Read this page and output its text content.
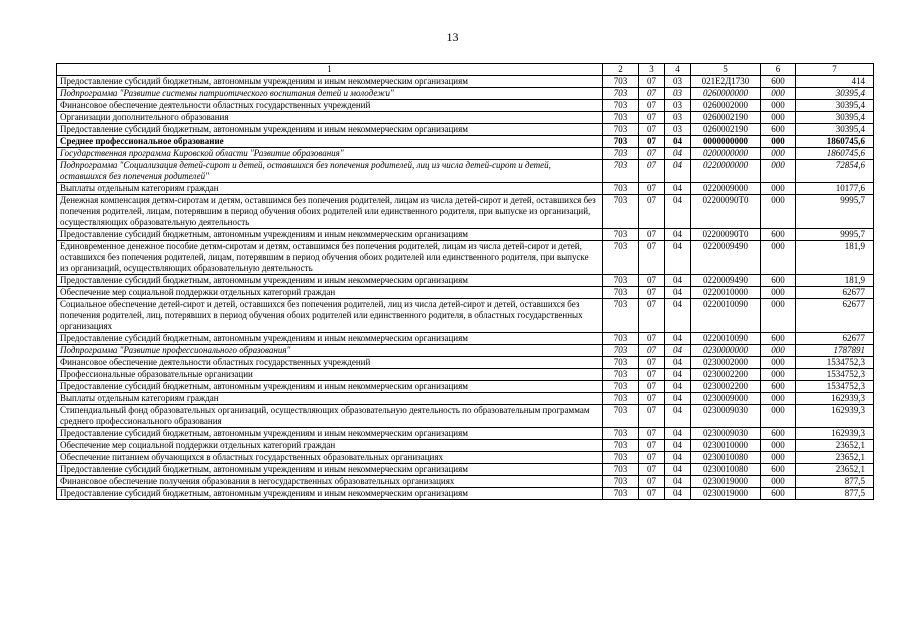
13
1	2	3	4	5	6	7
Предоставление субсидий бюджетным, автономным учреждениям и иным некоммерческим организациям	703	07	03	021Е2Д1730	600	414
Подпрограмма "Развитие системы патриотического воспитания детей и молодежи"	703	07	03	0260000000	000	30395,4
Финансовое обеспечение деятельности областных государственных учреждений	703	07	03	0260002000	000	30395,4
Организации дополнительного образования	703	07	03	0260002190	000	30395,4
Предоставление субсидий бюджетным, автономным учреждениям и иным некоммерческим организациям	703	07	03	0260002190	600	30395,4
Среднее профессиональное образование	703	07	04	0000000000	000	1860745,6
Государственная программа Кировской области "Развитие образования"	703	07	04	0200000000	000	1860745,6
Подпрограмма "Социализация детей-сирот и детей, оставшихся без попечения родителей, лиц из числа детей-сирот и детей, оставшихся без попечения родителей"	703	07	04	0220000000	000	72854,6
Выплаты отдельным категориям граждан	703	07	04	0220009000	000	10177,6
Денежная компенсация детям-сиротам и детям, оставшимся без попечения родителей, лицам из числа детей-сирот и детей, оставшихся без попечения родителей, лицам, потерявшим в период обучения обоих родителей или единственного родителя, при выпуске из организаций, осуществляющих образовательную деятельность	703	07	04	02200090Т0	000	9995,7
Предоставление субсидий бюджетным, автономным учреждениям и иным некоммерческим организациям	703	07	04	02200090Т0	600	9995,7
Единовременное денежное пособие детям-сиротам и детям, оставшимся без попечения родителей, лицам из числа детей-сирот и детей, оставшихся без попечения родителей, лицам, потерявшим в период обучения обоих родителей или единственного родителя, при выпуске из организаций, осуществляющих образовательную деятельность	703	07	04	0220009490	000	181,9
Предоставление субсидий бюджетным, автономным учреждениям и иным некоммерческим организациям	703	07	04	0220009490	600	181,9
Обеспечение мер социальной поддержки отдельных категорий граждан	703	07	04	0220010000	000	62677
Социальное обеспечение детей-сирот и детей, оставшихся без попечения родителей, лиц из числа детей-сирот и детей, оставшихся без попечения родителей, лиц, потерявших в период обучения обоих родителей или единственного родителя, в областных государственных организациях	703	07	04	0220010090	000	62677
Предоставление субсидий бюджетным, автономным учреждениям и иным некоммерческим организациям	703	07	04	0220010090	600	62677
Подпрограмма "Развитие профессионального образования"	703	07	04	0230000000	000	1787891
Финансовое обеспечение деятельности областных государственных учреждений	703	07	04	0230002000	000	1534752,3
Профессиональные образовательные организации	703	07	04	0230002200	000	1534752,3
Предоставление субсидий бюджетным, автономным учреждениям и иным некоммерческим организациям	703	07	04	0230002200	600	1534752,3
Выплаты отдельным категориям граждан	703	07	04	0230009000	000	162939,3
Стипендиальный фонд образовательных организаций, осуществляющих образовательную деятельность по образовательным программам среднего профессионального образования	703	07	04	02300090З0	000	162939,3
Предоставление субсидий бюджетным, автономным учреждениям и иным некоммерческим организациям	703	07	04	02300090З0	600	162939,3
Обеспечение мер социальной поддержки отдельных категорий граждан	703	07	04	0230010000	000	23652,1
Обеспечение питанием обучающихся в областных государственных образовательных организациях	703	07	04	0230010080	000	23652,1
Предоставление субсидий бюджетным, автономным учреждениям и иным некоммерческим организациям	703	07	04	0230010080	600	23652,1
Финансовое обеспечение получения образования в негосударственных образовательных организациях	703	07	04	0230019000	000	877,5
Предоставление субсидий бюджетным, автономным учреждениям и иным некоммерческим организациям	703	07	04	0230019000	600	877,5
